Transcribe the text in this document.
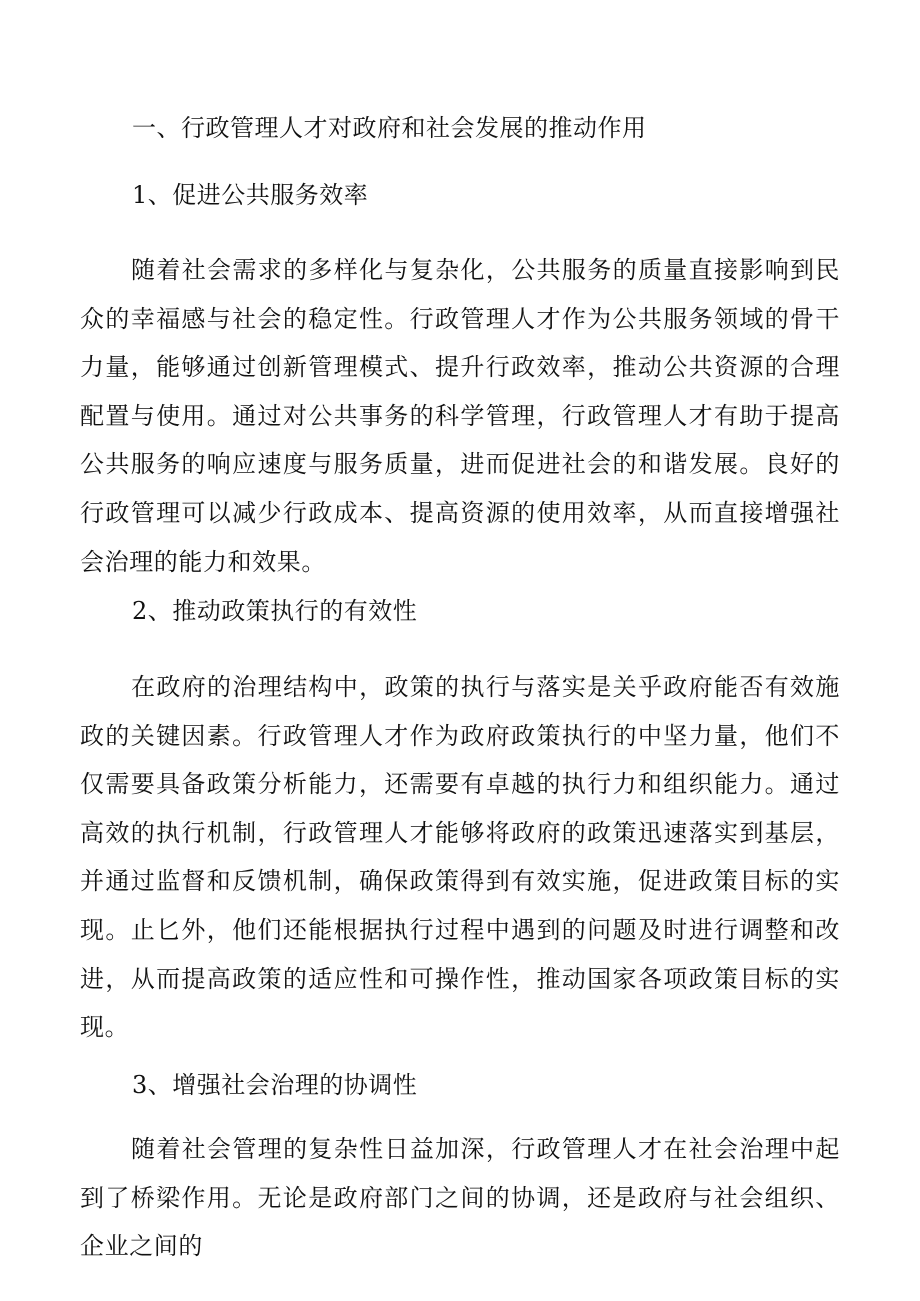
一、行政管理人才对政府和社会发展的推动作用
1、促进公共服务效率
随着社会需求的多样化与复杂化，公共服务的质量直接影响到民众的幸福感与社会的稳定性。行政管理人才作为公共服务领域的骨干力量，能够通过创新管理模式、提升行政效率，推动公共资源的合理配置与使用。通过对公共事务的科学管理，行政管理人才有助于提高公共服务的响应速度与服务质量，进而促进社会的和谐发展。良好的行政管理可以减少行政成本、提高资源的使用效率，从而直接增强社会治理的能力和效果。
2、推动政策执行的有效性
在政府的治理结构中，政策的执行与落实是关乎政府能否有效施政的关键因素。行政管理人才作为政府政策执行的中坚力量，他们不仅需要具备政策分析能力，还需要有卓越的执行力和组织能力。通过高效的执行机制，行政管理人才能够将政府的政策迅速落实到基层，并通过监督和反馈机制，确保政策得到有效实施，促进政策目标的实现。止匕外，他们还能根据执行过程中遇到的问题及时进行调整和改进，从而提高政策的适应性和可操作性，推动国家各项政策目标的实现。
3、增强社会治理的协调性
随着社会管理的复杂性日益加深，行政管理人才在社会治理中起到了桥梁作用。无论是政府部门之间的协调，还是政府与社会组织、企业之间的
